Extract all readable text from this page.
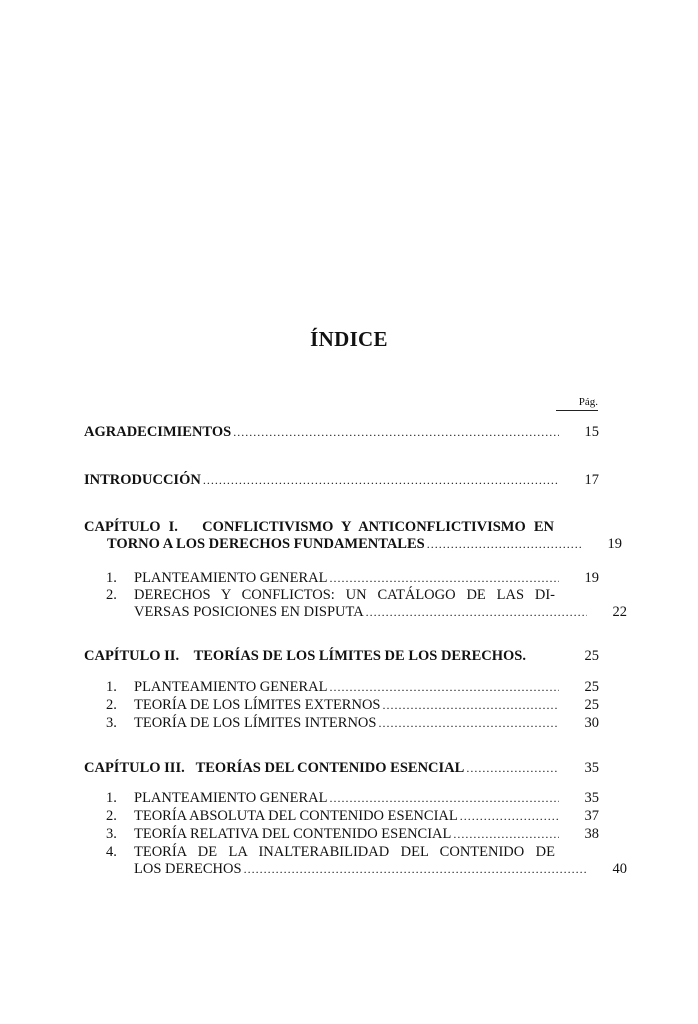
ÍNDICE
Pág.
AGRADECIMIENTOS .....	15
INTRODUCCIÓN .....	17
CAPÍTULO I. CONFLICTIVISMO Y ANTICONFLICTIVISMO EN
TORNO A LOS DERECHOS FUNDAMENTALES .....	19
1.	PLANTEAMIENTO GENERAL .....	19
2.	DERECHOS Y CONFLICTOS: UN CATÁLOGO DE LAS DI-
VERSAS POSICIONES EN DISPUTA .....	22
CAPÍTULO II. TEORÍAS DE LOS LÍMITES DE LOS DERECHOS.	25
1.	PLANTEAMIENTO GENERAL .....	25
2.	TEORÍA DE LOS LÍMITES EXTERNOS .....	25
3.	TEORÍA DE LOS LÍMITES INTERNOS .....	30
CAPÍTULO III. TEORÍAS DEL CONTENIDO ESENCIAL .....	35
1.	PLANTEAMIENTO GENERAL .....	35
2.	TEORÍA ABSOLUTA DEL CONTENIDO ESENCIAL .....	37
3.	TEORÍA RELATIVA DEL CONTENIDO ESENCIAL .....	38
4.	TEORÍA DE LA INALTERABILIDAD DEL CONTENIDO DE
LOS DERECHOS .....	40
